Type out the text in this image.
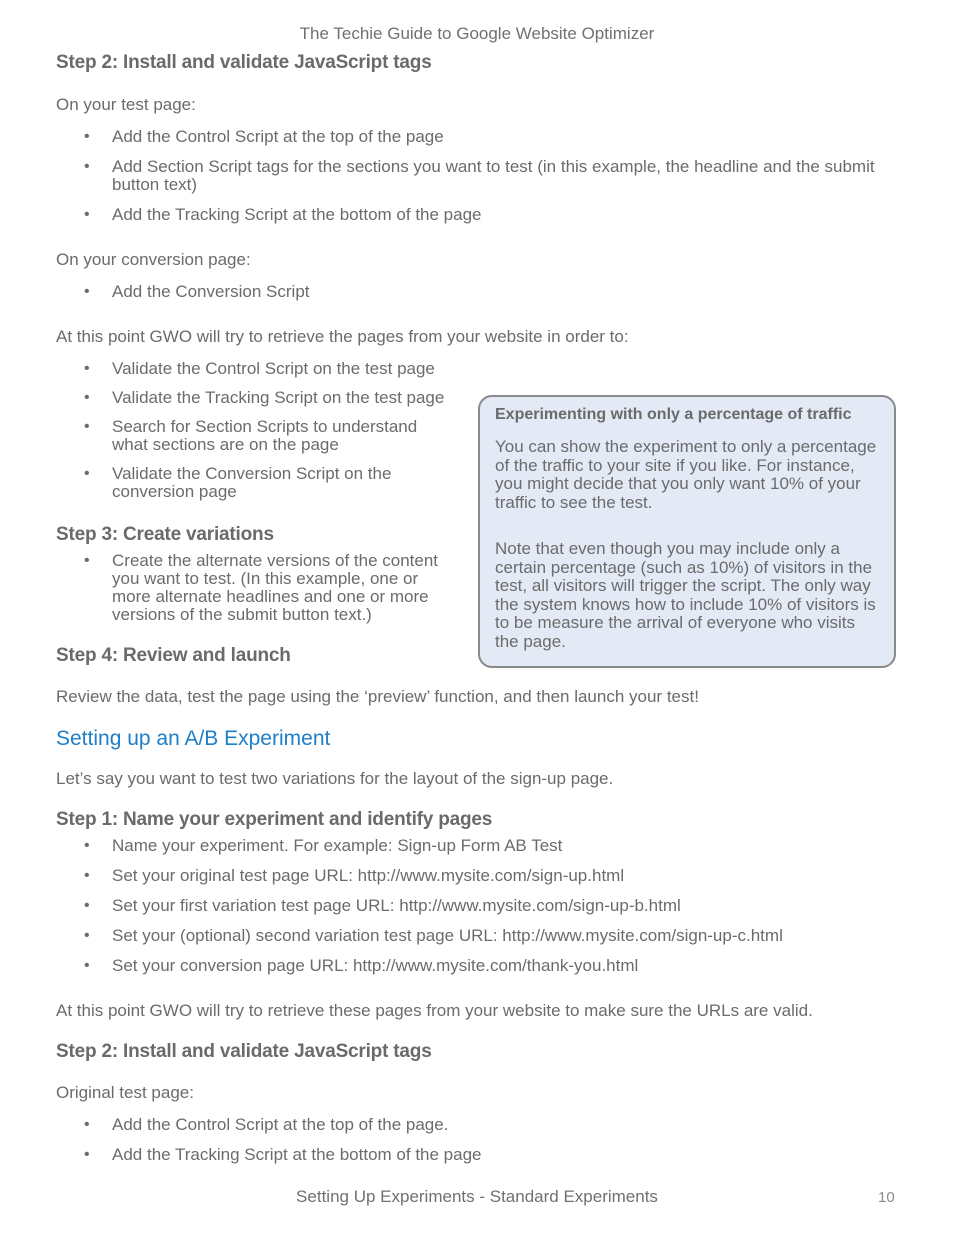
The Techie Guide to Google Website Optimizer
Step 2: Install and validate JavaScript tags

On your test page:

• Add the Control Script at the top of the page
• Add Section Script tags for the sections you want to test (in this example, the headline and the submit button text)
• Add the Tracking Script at the bottom of the page

On your conversion page:

• Add the Conversion Script

At this point GWO will try to retrieve the pages from your website in order to:

• Validate the Control Script on the test page
• Validate the Tracking Script on the test page
• Search for Section Scripts to understand what sections are on the page
• Validate the Conversion Script on the conversion page
Step 3: Create variations
• Create the alternate versions of the content you want to test. (In this example, one or more alternate headlines and one or more versions of the submit button text.)
Step 4: Review and launch
Experimenting with only a percentage of traffic

You can show the experiment to only a percentage of the traffic to your site if you like. For instance, you might decide that you only want 10% of your traffic to see the test.

Note that even though you may include only a certain percentage (such as 10%) of visitors in the test, all visitors will trigger the script. The only way the system knows how to include 10% of visitors is to be measure the arrival of everyone who visits the page.

Review the data, test the page using the ‘preview’ function, and then launch your test!

Setting up an A/B Experiment

Let’s say you want to test two variations for the layout of the sign-up page.

Step 1: Name your experiment and identify pages
• Name your experiment. For example: Sign-up Form AB Test
• Set your original test page URL: http://www.mysite.com/sign-up.html
• Set your first variation test page URL: http://www.mysite.com/sign-up-b.html
• Set your (optional) second variation test page URL: http://www.mysite.com/sign-up-c.html
• Set your conversion page URL: http://www.mysite.com/thank-you.html

At this point GWO will try to retrieve these pages from your website to make sure the URLs are valid.

Step 2: Install and validate JavaScript tags

Original test page:

• Add the Control Script at the top of the page.
• Add the Tracking Script at the bottom of the page
Setting Up Experiments - Standard Experiments	10
